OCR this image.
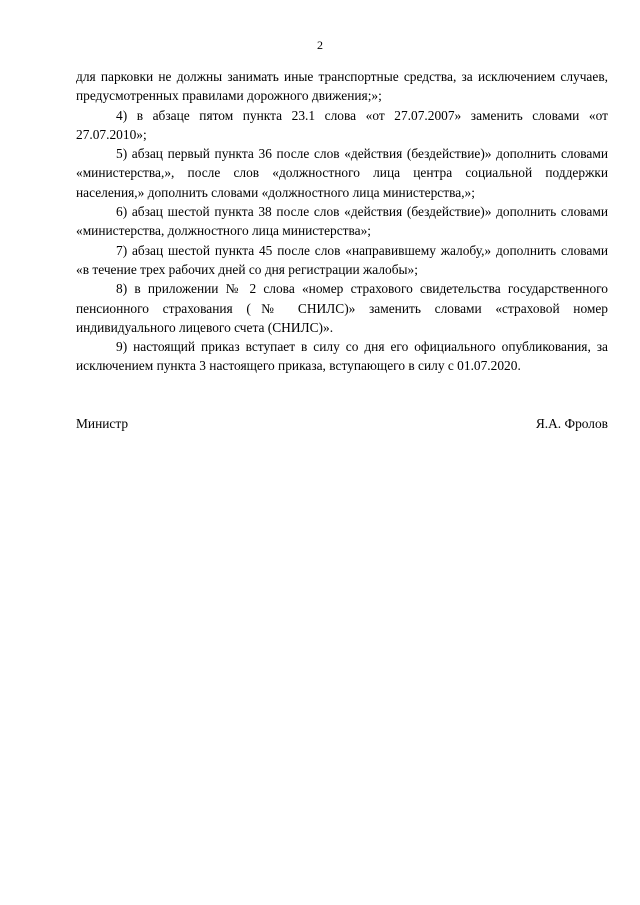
2

для парковки не должны занимать иные транспортные средства, за исключением случаев, предусмотренных правилами дорожного движения;»;

4) в абзаце пятом пункта 23.1 слова «от 27.07.2007» заменить словами «от 27.07.2010»;

5) абзац первый пункта 36 после слов «действия (бездействие)» дополнить словами «министерства,», после слов «должностного лица центра социальной поддержки населения,» дополнить словами «должностного лица министерства,»;

6) абзац шестой пункта 38 после слов «действия (бездействие)» дополнить словами «министерства, должностного лица министерства»;

7) абзац шестой пункта 45 после слов «направившему жалобу,» дополнить словами «в течение трех рабочих дней со дня регистрации жалобы»;

8) в приложении № 2 слова «номер страхового свидетельства государственного пенсионного страхования (№ СНИЛС)» заменить словами «страховой номер индивидуального лицевого счета (СНИЛС)».

9) настоящий приказ вступает в силу со дня его официального опубликования, за исключением пункта 3 настоящего приказа, вступающего в силу с 01.07.2020.

Министр	Я.А. Фролов
